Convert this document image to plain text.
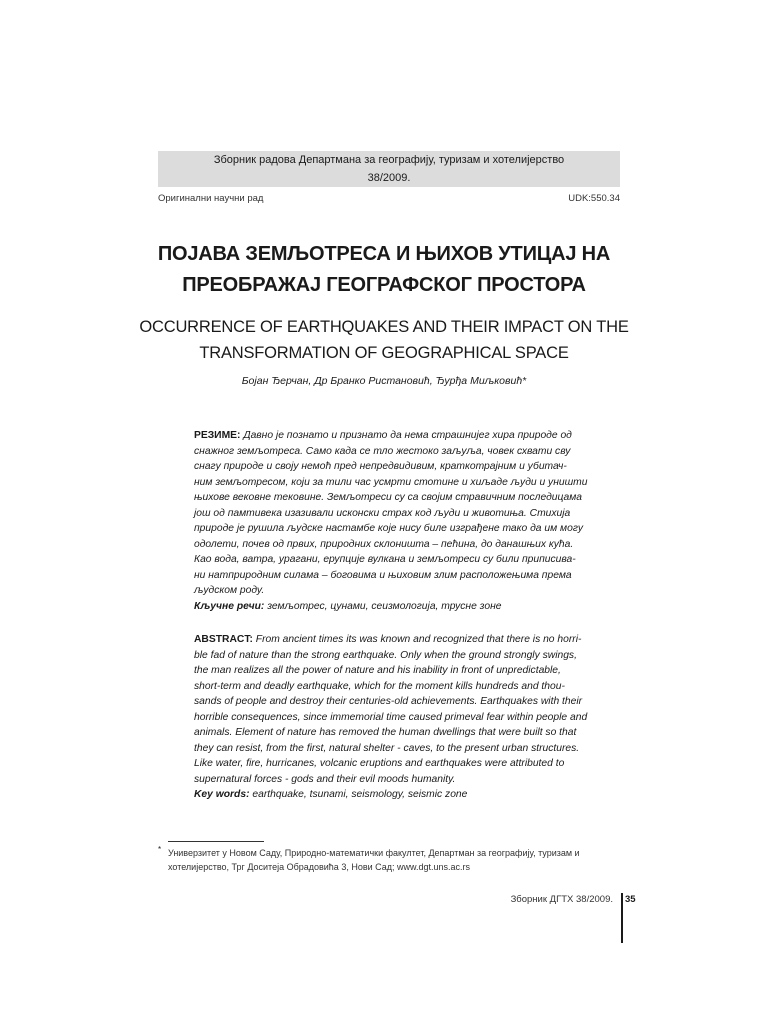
Зборник радова Департмана за географију, туризам и хотелијерство
38/2009.
Оригинални научни рад	UDK:550.34
ПОЈАВА ЗЕМЉОТРЕСА И ЊИХОВ УТИЦАЈ НА
ПРЕОБРАЖАЈ ГЕОГРАФСКОГ ПРОСТОРА
OCCURRENCE OF EARTHQUAKES AND THEIR IMPACT ON THE
TRANSFORMATION OF GEOGRAPHICAL SPACE
Бојан Ђерчан, Др Бранко Ристановић, Ђурђа Миљковић*
РЕЗИМЕ: Давно је познато и признато да нема страшнијег хира природе од
снажног земљотреса. Само када се тло жестоко заљуља, човек схвати сву
снагу природе и своју немоћ пред непредвидивим, краткотрајним и убитач-
ним земљотресом, који за тили час усмрти стотине и хиљаде људи и уништи
њихове вековне тековине. Земљотреси су са својим стравичним последицама
још од памтивека изазивали исконски страх код људи и животиња. Стихија
природе је рушила људске настамбе које нису биле изграђене тако да им могу
одолети, почев од првих, природних склоништа – пећина, до данашњих кућа.
Као вода, ватра, урагани, ерупције вулкана и земљотреси су били приписива-
ни натприродним силама – боговима и њиховим злим расположењима према
људском роду.
Кључне речи: земљотрес, цунами, сеизмологија, трусне зоне
ABSTRACT: From ancient times its was known and recognized that there is no horri-
ble fad of nature than the strong earthquake. Only when the ground strongly swings,
the man realizes all the power of nature and his inability in front of unpredictable,
short-term and deadly earthquake, which for the moment kills hundreds and thou-
sands of people and destroy their centuries-old achievements. Earthquakes with their
horrible consequences, since immemorial time caused primeval fear within people and
animals. Element of nature has removed the human dwellings that were built so that
they can resist, from the first, natural shelter - caves, to the present urban structures.
Like water, fire, hurricanes, volcanic eruptions and earthquakes were attributed to
supernatural forces - gods and their evil moods humanity.
Key words: earthquake, tsunami, seismology, seismic zone
* Универзитет у Новом Саду, Природно-математички факултет, Департман за географију, туризам и
хотелијерство, Трг Доситеја Обрадовића 3, Нови Сад; www.dgt.uns.ac.rs
Зборник ДГТХ 38/2009. 35
